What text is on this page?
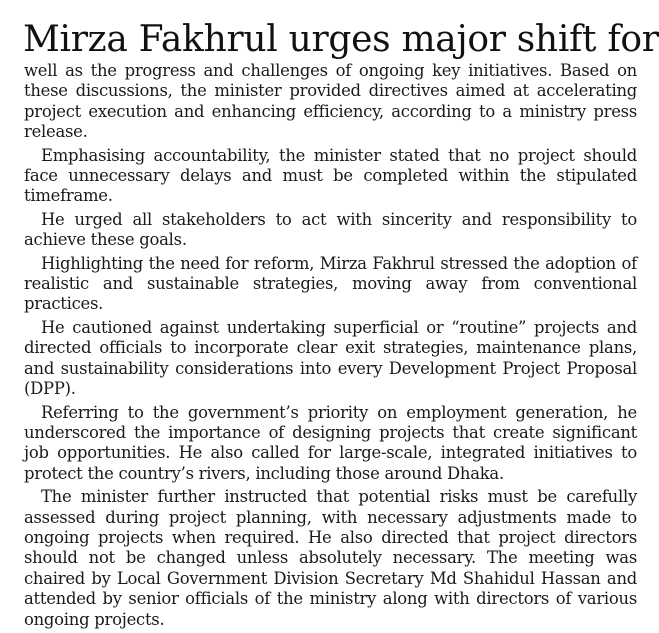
Mirza Fakhrul urges major shift for

well as the progress and challenges of ongoing key initiatives. Based on these discussions, the minister provided directives aimed at accelerating project execution and enhancing efficiency, according to a ministry press release.

Emphasising accountability, the minister stated that no project should face unnecessary delays and must be completed within the stipulated timeframe.

He urged all stakeholders to act with sincerity and responsibility to achieve these goals.

Highlighting the need for reform, Mirza Fakhrul stressed the adoption of realistic and sustainable strategies, moving away from conventional practices.

He cautioned against undertaking superficial or “routine” projects and directed officials to incorporate clear exit strategies, maintenance plans, and sustainability considerations into every Development Project Proposal (DPP).

Referring to the government’s priority on employment generation, he underscored the importance of designing projects that create significant job opportunities. He also called for large-scale, integrated initiatives to protect the country’s rivers, including those around Dhaka.

The minister further instructed that potential risks must be carefully assessed during project planning, with necessary adjustments made to ongoing projects when required. He also directed that project directors should not be changed unless absolutely necessary. The meeting was chaired by Local Government Division Secretary Md Shahidul Hassan and attended by senior officials of the ministry along with directors of various ongoing projects.
